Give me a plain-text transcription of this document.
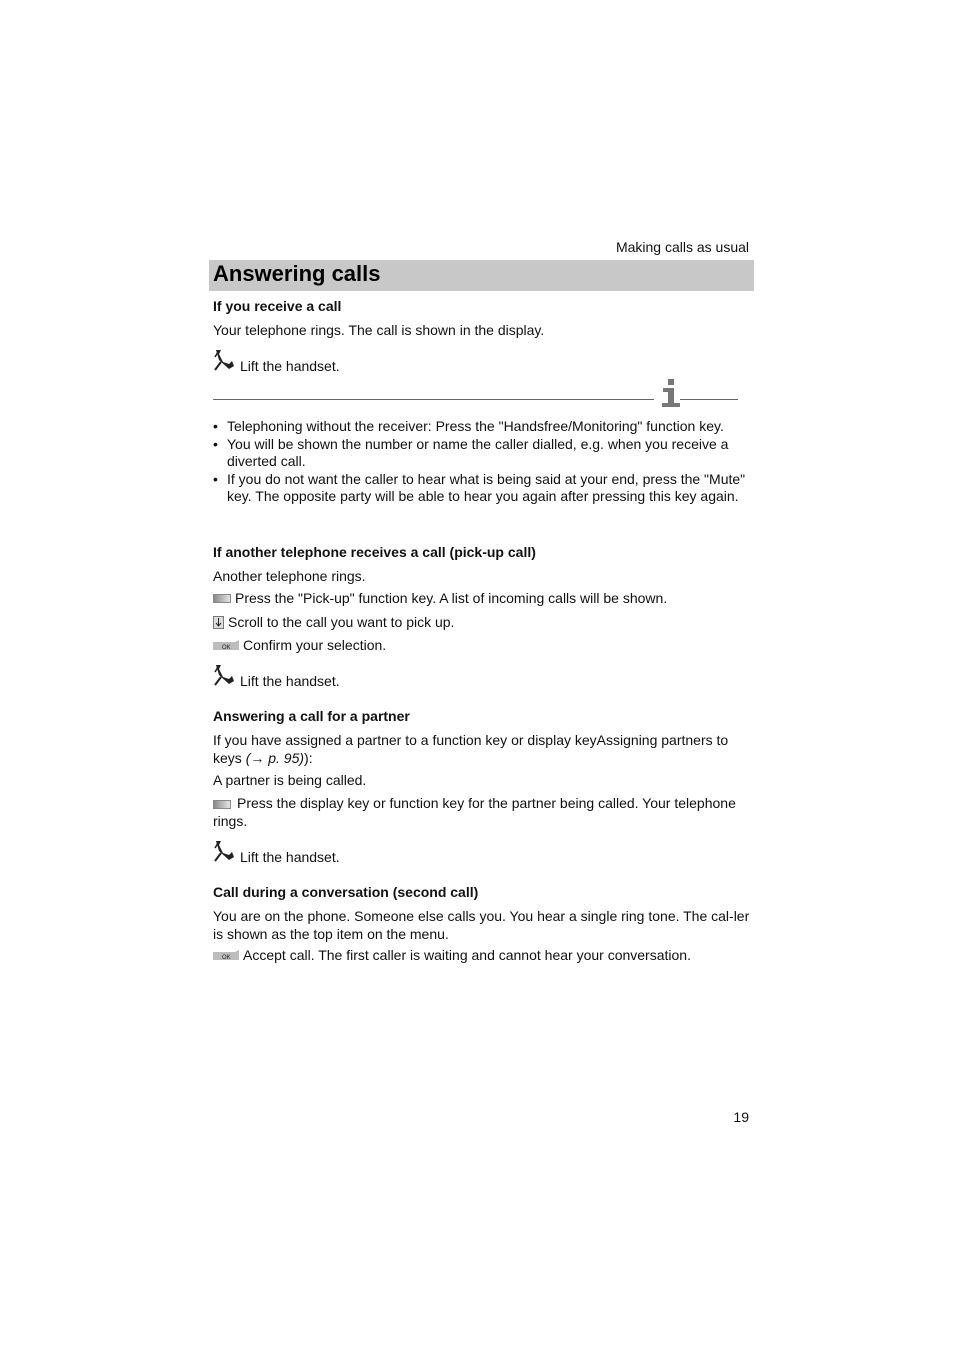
Making calls as usual
Answering calls
If you receive a call
Your telephone rings. The call is shown in the display.
Lift the handset.
• Telephoning without the receiver: Press the "Handsfree/Monitoring" function key.
• You will be shown the number or name the caller dialled, e.g. when you receive a diverted call.
• If you do not want the caller to hear what is being said at your end, press the "Mute" key. The opposite party will be able to hear you again after pressing this key again.
If another telephone receives a call (pick-up call)
Another telephone rings.
Press the "Pick-up" function key. A list of incoming calls will be shown.
Scroll to the call you want to pick up.
OK Confirm your selection.
Lift the handset.
Answering a call for a partner
If you have assigned a partner to a function key or display keyAssigning partners to keys (→ p. 95)):
A partner is being called.
Press the display key or function key for the partner being called. Your telephone rings.
Lift the handset.
Call during a conversation (second call)
You are on the phone. Someone else calls you. You hear a single ring tone. The cal-ler is shown as the top item on the menu.
OK Accept call. The first caller is waiting and cannot hear your conversation.
19
